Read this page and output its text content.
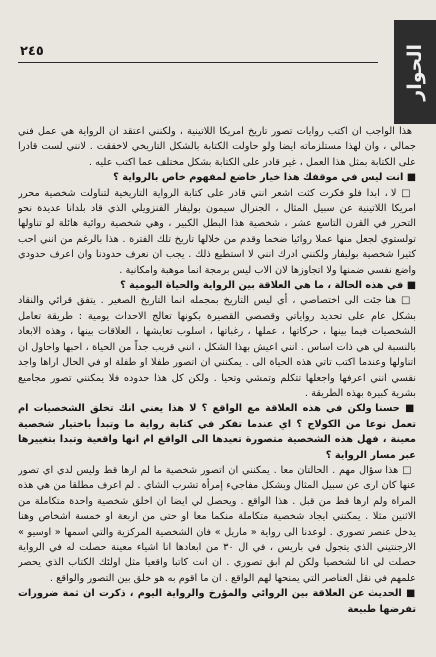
٢٤٥	الحوار

هذا الواجب ان اكتب روايات تصور تاريخ امريكا اللاتينية ، ولكنني اعتقد ان الرواية هي عمل فني جمالي ، وان لهذا مستلزماته ايضا ولو حاولت الكتابة بالشكل التاريخي لاخفقت . لانني لست قادرا على الكتابة بمثل هذا العمل ، غير قادر على الكتابة بشكل مختلف عما اكتب عليه .

■ انت ليس في موقفك هذا خيار خاضع لمفهوم خاص بالرواية ؟

□ لا ، ابدا فلو فكرت كثت اشعر انني قادر على كتابة الرواية التاريخية لتناولت شخصية محرر امريكا اللاتينية عن سبيل المثال ، الجنرال سيمون بوليفار الفنزويلي الذي قاد بلدانا عديدة نحو التحرر في القرن التاسع عشر ، شخصية هذا البطل الكبير ، وهي شخصية روائية هائلة لو تناولها تولستوي لجعل منها عملا روائيا ضخما وقدم من خلالها تاريخ تلك الفترة . هذا بالرغم من انني احب كثيرا شخصية بوليفار ولكنني ادرك انني لا استطيع ذلك . يجب ان نعرف حدودنا وان اعرف حدودي واضع نفسي ضمنها ولا اتجاوزها لان الاب ليس برمجة انما موهبة وامكانية .

■ في هذه الحالة ، ما هي العلاقة بين الرواية والحياة اليومية ؟

□ هنا جئت الى اختصاصي ، أي ليس التاريخ بمجمله انما التاريخ الصغير . يتفق قرائي والنقاد بشكل عام على تحديد رواياتي وقصصي القصيرة بكونها تعالج الاحداث يومية : طريقة تعامل الشخصيات فيما بينها ، حركاتها ، عملها ، رغباتها ، اسلوب تعايشها ، العلاقات بينها ، وهذه الابعاد بالنسبة لي هي ذات اساس . انني اعيش بهذا الشكل ، انني قريب جداً من الحياة ، احبها واحاول ان اتناولها وعندما اكتب تاتي هذه الحياة الى . يمكنني ان اتصور طفلا او طفلة او في الحال اراها واجد نفسي انني اعرفها واجعلها تتكلم وتمشي وتحيا . ولكن كل هذا حدوده فلا يمكنني تصور مجاميع بشرية كبيرة بهذه الطريقة .

■ حسنا ولكن في هذه العلاقة مع الواقع ؟ لا هذا يعني انك تخلق الشخصيات ام تعمل نوعا من الكولاج ؟ اي عندما تفكر في كتابة رواية ما وتبدأ باختيار شخصية معينة ، فهل هذه الشخصية متصورة تعيدها الى الواقع ام انها واقعية وتبدا بتغييرها عبر مسار الرواية ؟

□ هذا سؤال مهم . الحالتان معا . يمكنني ان اتصور شخصية ما لم ارها قط وليس لدي اي تصور عنها كان ارى عن سبيل المثال وبشكل مفاجيء إمرأة تشرب الشاي . لم اعرف مطلقا من هي هذه المراة ولم ارها قط من قبل . هذا الواقع . ويحصل لي ايضا ان اخلق شخصية واحدة متكاملة من الاثنين مثلا . يمكنني ايجاد شخصية متكاملة منكما معا او حتى من اربعة او خمسة اشخاص وهنا يدخل عنصر تصوري . لوعدنا الى رواية « ماريل » فان الشخصية المركزية والتي اسمها « اوسيو » الارجنتيني الذي يتجول في باريس ، في ال ٣٠ من ابعادها انا اشياء معينة حصلت له في الرواية حصلت لي انا لشخصيا ولكن لم ابق تصوري . ان انت كاتبا واقعيا مثل اولئك الكتاب الذي يحصر علمهم في نقل العناصر التي يمنحها لهم الواقع . ان ما اقوم به هو خلق بين التصور والواقع .

■ الحديث عن العلاقة بين الروائي والمؤرخ والرواية اليوم ، ذكرت ان ثمة ضرورات تفرضها طبيعة
